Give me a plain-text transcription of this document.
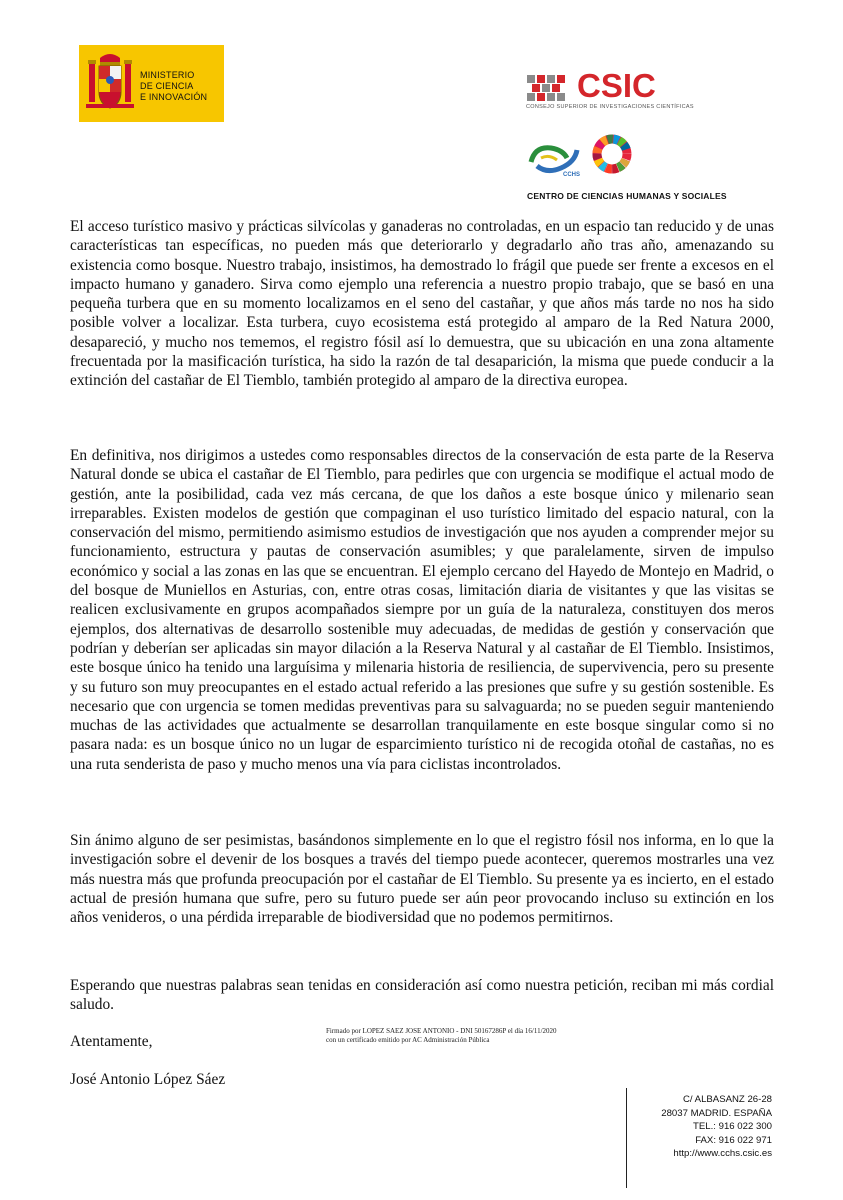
MINISTERIO
DE CIENCIA
E INNOVACIÓN	CSIC
CONSEJO SUPERIOR DE INVESTIGACIONES CIENTÍFICAS
CCHS
CENTRO DE CIENCIAS HUMANAS Y SOCIALES

El acceso turístico masivo y prácticas silvícolas y ganaderas no controladas, en un espacio tan reducido y de unas características tan específicas, no pueden más que deteriorarlo y degradarlo año tras año, amenazando su existencia como bosque. Nuestro trabajo, insistimos, ha demostrado lo frágil que puede ser frente a excesos en el impacto humano y ganadero. Sirva como ejemplo una referencia a nuestro propio trabajo, que se basó en una pequeña turbera que en su momento localizamos en el seno del castañar, y que años más tarde no nos ha sido posible volver a localizar. Esta turbera, cuyo ecosistema está protegido al amparo de la Red Natura 2000, desapareció, y mucho nos tememos, el registro fósil así lo demuestra, que su ubicación en una zona altamente frecuentada por la masificación turística, ha sido la razón de tal desaparición, la misma que puede conducir a la extinción del castañar de El Tiemblo, también protegido al amparo de la directiva europea.

En definitiva, nos dirigimos a ustedes como responsables directos de la conservación de esta parte de la Reserva Natural donde se ubica el castañar de El Tiemblo, para pedirles que con urgencia se modifique el actual modo de gestión, ante la posibilidad, cada vez más cercana, de que los daños a este bosque único y milenario sean irreparables. Existen modelos de gestión que compaginan el uso turístico limitado del espacio natural, con la conservación del mismo, permitiendo asimismo estudios de investigación que nos ayuden a comprender mejor su funcionamiento, estructura y pautas de conservación asumibles; y que paralelamente, sirven de impulso económico y social a las zonas en las que se encuentran. El ejemplo cercano del Hayedo de Montejo en Madrid, o del bosque de Muniellos en Asturias, con, entre otras cosas, limitación diaria de visitantes y que las visitas se realicen exclusivamente en grupos acompañados siempre por un guía de la naturaleza, constituyen dos meros ejemplos, dos alternativas de desarrollo sostenible muy adecuadas, de medidas de gestión y conservación que podrían y deberían ser aplicadas sin mayor dilación a la Reserva Natural y al castañar de El Tiemblo. Insistimos, este bosque único ha tenido una larguísima y milenaria historia de resiliencia, de supervivencia, pero su presente y su futuro son muy preocupantes en el estado actual referido a las presiones que sufre y su gestión sostenible. Es necesario que con urgencia se tomen medidas preventivas para su salvaguarda; no se pueden seguir manteniendo muchas de las actividades que actualmente se desarrollan tranquilamente en este bosque singular como si no pasara nada: es un bosque único no un lugar de esparcimiento turístico ni de recogida otoñal de castañas, no es una ruta senderista de paso y mucho menos una vía para ciclistas incontrolados.

Sin ánimo alguno de ser pesimistas, basándonos simplemente en lo que el registro fósil nos informa, en lo que la investigación sobre el devenir de los bosques a través del tiempo puede acontecer, queremos mostrarles una vez más nuestra más que profunda preocupación por el castañar de El Tiemblo. Su presente ya es incierto, en el estado actual de presión humana que sufre, pero su futuro puede ser aún peor provocando incluso su extinción en los años venideros, o una pérdida irreparable de biodiversidad que no podemos permitirnos.

Esperando que nuestras palabras sean tenidas en consideración así como nuestra petición, reciban mi más cordial saludo.

Atentamente,
Firmado por LOPEZ SAEZ JOSE ANTONIO - DNI 50167286P el día 16/11/2020
con un certificado emitido por AC Administración Pública
José Antonio López Sáez
C/ ALBASANZ 26-28
28037 MADRID. ESPAÑA
TEL.: 916 022 300
FAX: 916 022 971
http://www.cchs.csic.es
